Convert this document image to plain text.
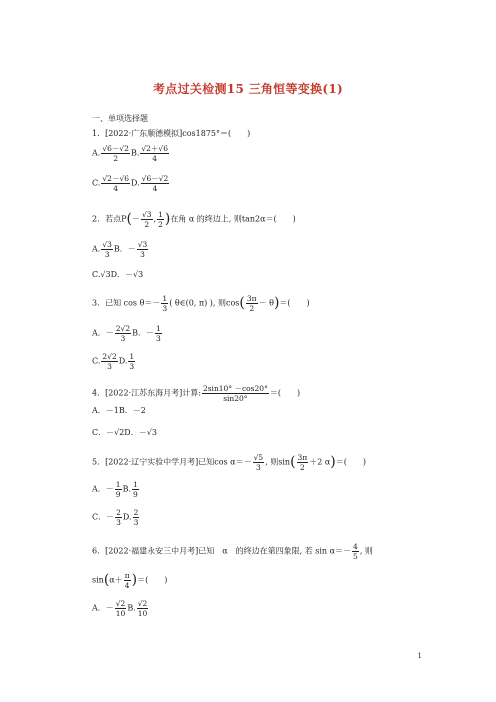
考点过关检测15 三角恒等变换(1)
一、单项选择题
1．[2022·广东顺德模拟]cos1875°＝(　　)
A. $\frac{√6-√2}{2} B$. $\frac{√2+√6}{4}$
C. $\frac{√2-√6}{4} D$. $\frac{√6-√2}{4}$
2．若点$P(- \frac{√3}{2}$ , $\frac{1}{2}$ )在角 α 的终边上, 则tan2α＝(　　)
A. $\frac{√3}{3}$ B．－ $\frac{√3}{3}$
C.√3D．－√3
3．已知 $\cos \theta=- \frac{1}{3}$ ( θ∈(0, π) ), 则$\cos( \frac{3\pi}{2} - \theta)=$(　　)
A．－ $\frac{2√2}{3}$ B．－ $\frac{1}{3}$
C. $\frac{2√2}{3} D$. $\frac{1}{3}$
4．[2022·江苏东海月考]计算: $\frac{2\sin 10^\circ -\cos 20^\circ}{\sin 20^\circ}$ ＝(　　)
A．－1B．－2
C．－√2D．－√3
5．[2022·辽宁实验中学月考]已知$\cos \alpha=- \frac{√5}{3}$ , 则$\sin( \frac{3\pi}{2} +2$ α)＝(　　)
A．－ $\frac{1}{9} B$. $\frac{1}{9}$
C．－ $\frac{2}{3} D$. $\frac{2}{3}$
6．[2022·福建永安三中月考]已知　α　的终边在第四象限, 若 $\sin \alpha=- \frac{4}{5}$ , 则
$\sin(\alpha+ \frac{\pi}{4}$ )＝(　　)
A．－ $\frac{√2}{10} B$. $\frac{√2}{10}$
1
